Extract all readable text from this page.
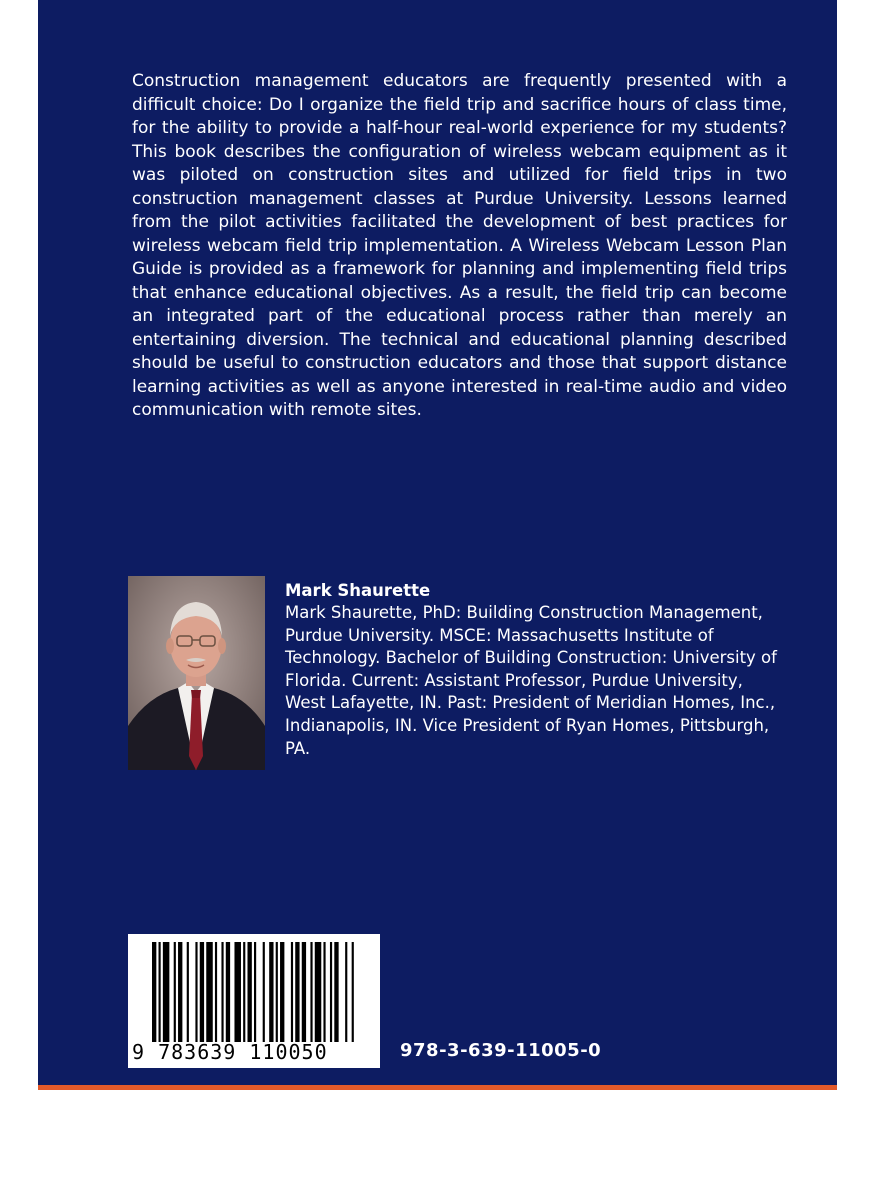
Construction management educators are frequently presented with a difficult choice: Do I organize the field trip and sacrifice hours of class time, for the ability to provide a half-hour real-world experience for my students? This book describes the configuration of wireless webcam equipment as it was piloted on construction sites and utilized for field trips in two construction management classes at Purdue University. Lessons learned from the pilot activities facilitated the development of best practices for wireless webcam field trip implementation. A Wireless Webcam Lesson Plan Guide is provided as a framework for planning and implementing field trips that enhance educational objectives. As a result, the field trip can become an integrated part of the educational process rather than merely an entertaining diversion. The technical and educational planning described should be useful to construction educators and those that support distance learning activities as well as anyone interested in real-time audio and video communication with remote sites.

Mark Shaurette

Mark Shaurette, PhD: Building Construction Management, Purdue University. MSCE: Massachusetts Institute of Technology. Bachelor of Building Construction: University of Florida. Current: Assistant Professor, Purdue University, West Lafayette, IN. Past: President of Meridian Homes, Inc., Indianapolis, IN. Vice President of Ryan Homes, Pittsburgh, PA.

9 783639 110050	978-3-639-11005-0
